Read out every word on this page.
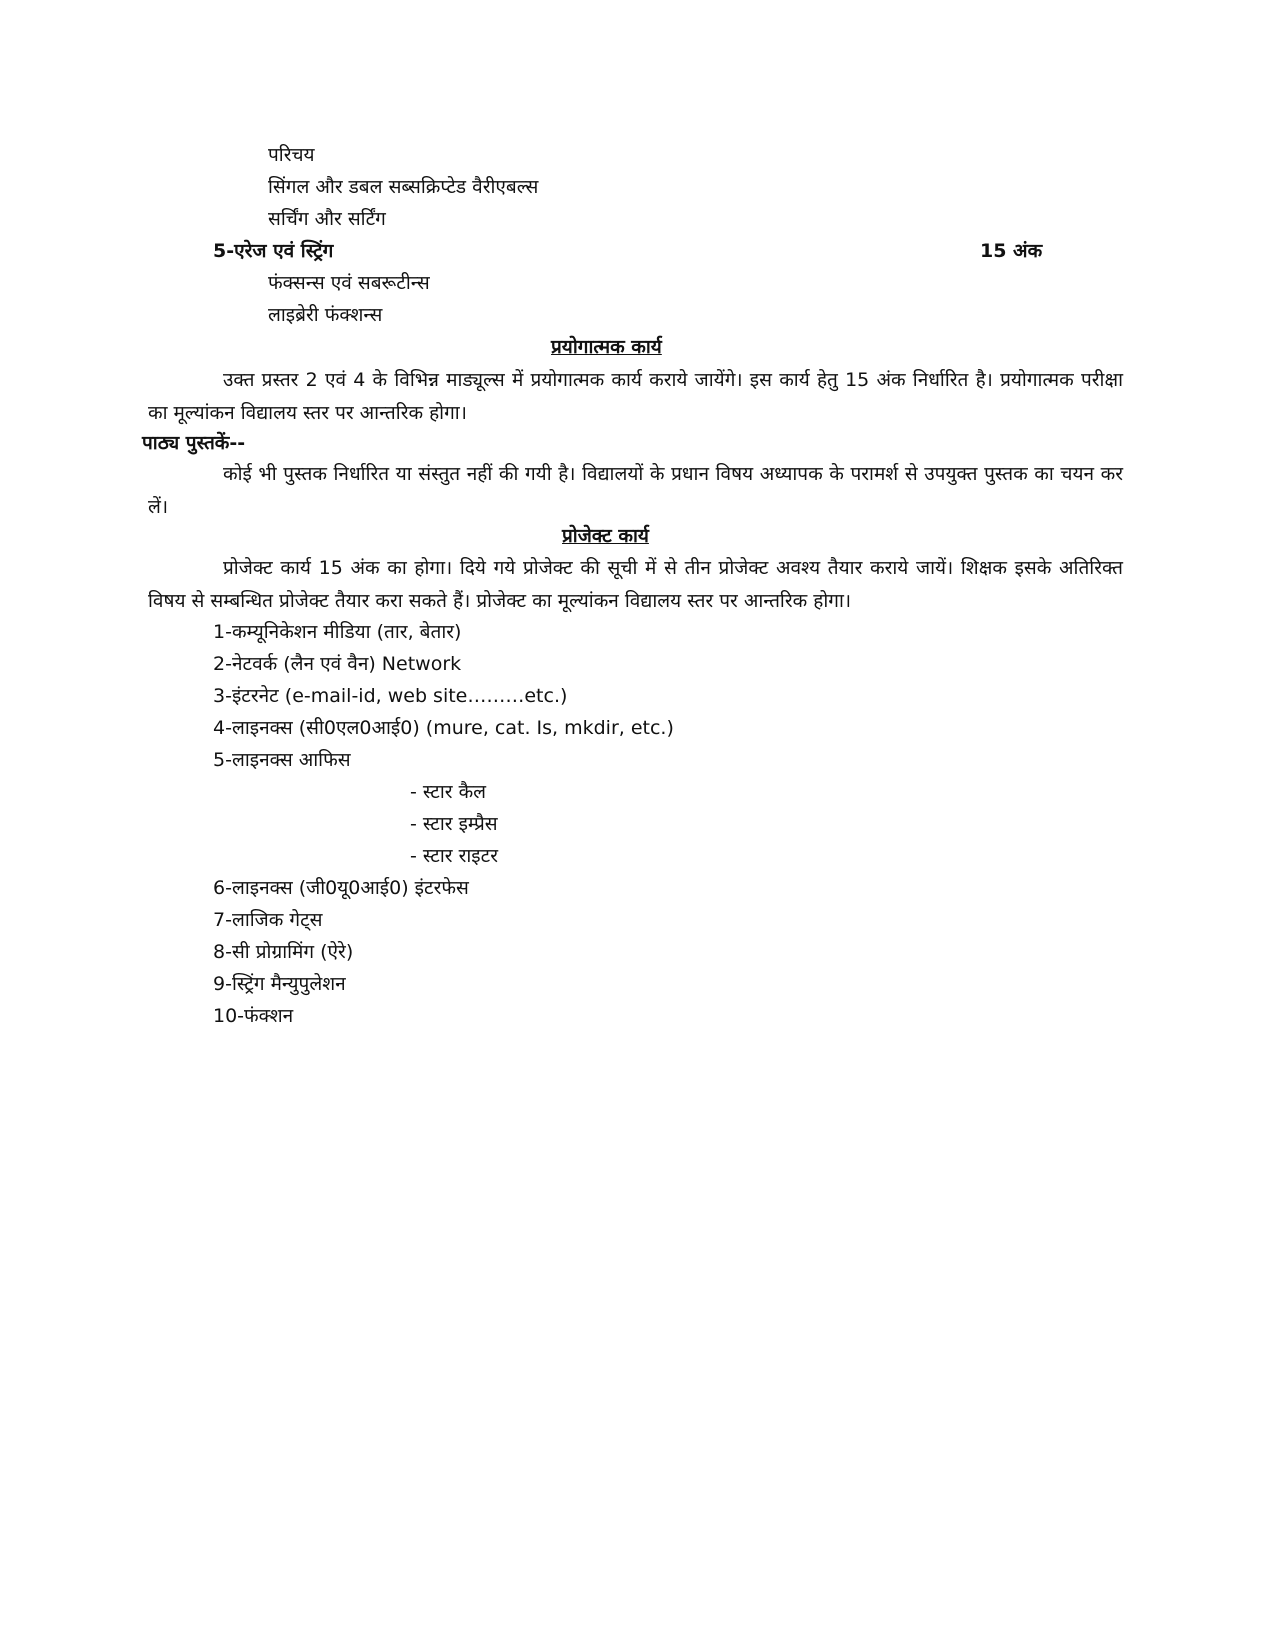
परिचय
सिंगल और डबल सब्सक्रिप्टेड वैरीएबल्स
सर्चिंग और सर्टिंग
5-एरेज एवं स्ट्रिंग	15 अंक
फंक्सन्स एवं सबरूटीन्स
लाइब्रेरी फंक्शन्स
प्रयोगात्मक कार्य
उक्त प्रस्तर 2 एवं 4 के विभिन्न माड्यूल्स में प्रयोगात्मक कार्य कराये जायेंगे। इस कार्य हेतु 15 अंक निर्धारित है। प्रयोगात्मक परीक्षा का मूल्यांकन विद्यालय स्तर पर आन्तरिक होगा।
पाठ्य पुस्तकें--
कोई भी पुस्तक निर्धारित या संस्तुत नहीं की गयी है। विद्यालयों के प्रधान विषय अध्यापक के परामर्श से उपयुक्त पुस्तक का चयन कर लें।
प्रोजेक्ट कार्य
प्रोजेक्ट कार्य 15 अंक का होगा। दिये गये प्रोजेक्ट की सूची में से तीन प्रोजेक्ट अवश्य तैयार कराये जायें। शिक्षक इसके अतिरिक्त विषय से सम्बन्धित प्रोजेक्ट तैयार करा सकते हैं। प्रोजेक्ट का मूल्यांकन विद्यालय स्तर पर आन्तरिक होगा।
1-कम्यूनिकेशन मीडिया (तार, बेतार)
2-नेटवर्क (लैन एवं वैन) Network
3-इंटरनेट (e-mail-id, web site………etc.)
4-लाइनक्स (सी0एल0आई0) (mure, cat. Is, mkdir, etc.)
5-लाइनक्स आफिस
- स्टार कैल
- स्टार इम्प्रैस
- स्टार राइटर
6-लाइनक्स (जी0यू0आई0) इंटरफेस
7-लाजिक गेट्स
8-सी प्रोग्रामिंग (ऐरे)
9-स्ट्रिंग मैन्युपुलेशन
10-फंक्शन
